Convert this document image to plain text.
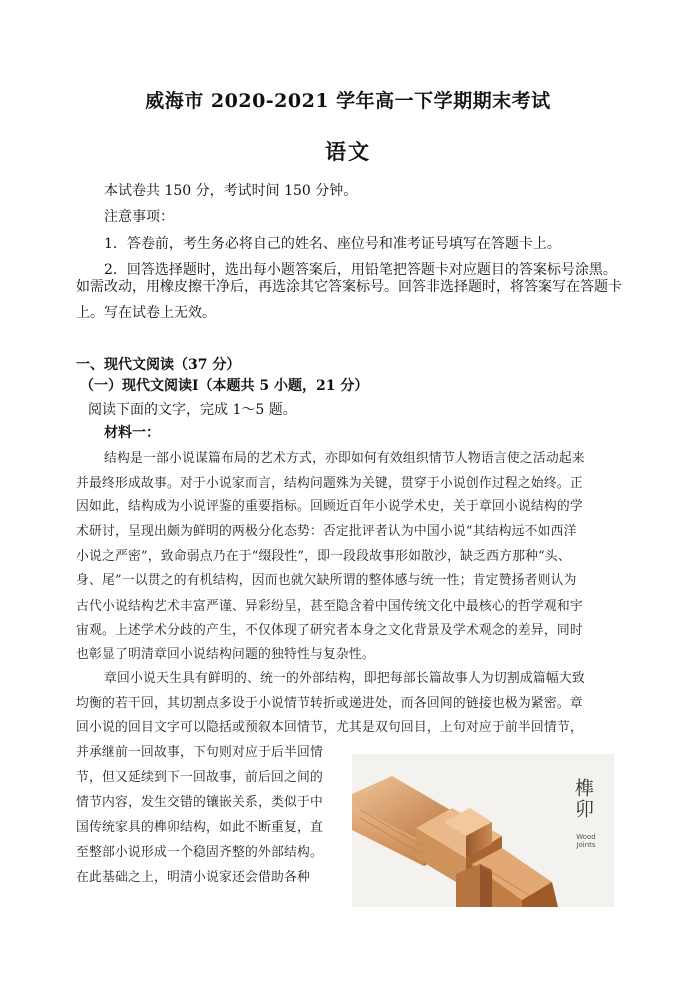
威海市 2020-2021 学年高一下学期期末考试
语文
本试卷共 150 分，考试时间 150 分钟。
注意事项：
1．答卷前，考生务必将自己的姓名、座位号和准考证号填写在答题卡上。
2．回答选择题时，选出每小题答案后，用铅笔把答题卡对应题目的答案标号涂黑。
如需改动，用橡皮擦干净后，再选涂其它答案标号。回答非选择题时，将答案写在答题卡
上。写在试卷上无效。
一、现代文阅读（37 分）
（一）现代文阅读Ⅰ（本题共 5 小题，21 分）
阅读下面的文字，完成 1～5 题。
材料一：
结构是一部小说谋篇布局的艺术方式，亦即如何有效组织情节人物语言使之活动起来
并最终形成故事。对于小说家而言，结构问题殊为关键，贯穿于小说创作过程之始终。正
因如此，结构成为小说评鉴的重要指标。回顾近百年小说学术史，关于章回小说结构的学
术研讨，呈现出颇为鲜明的两极分化态势：否定批评者认为中国小说“其结构远不如西洋
小说之严密”，致命弱点乃在于“缀段性”，即一段段故事形如散沙，缺乏西方那种“头、
身、尾”一以贯之的有机结构，因而也就欠缺所谓的整体感与统一性；肯定赞扬者则认为
古代小说结构艺术丰富严谨、异彩纷呈，甚至隐含着中国传统文化中最核心的哲学观和宇
宙观。上述学术分歧的产生，不仅体现了研究者本身之文化背景及学术观念的差异，同时
也彰显了明清章回小说结构问题的独特性与复杂性。
章回小说天生具有鲜明的、统一的外部结构，即把每部长篇故事人为切割成篇幅大致
均衡的若干回，其切割点多设于小说情节转折或递进处，而各回间的链接也极为紧密。章
回小说的回目文字可以隐括或预叙本回情节，尤其是双句回目，上句对应于前半回情节，
并承继前一回故事，下句则对应于后半回情
节，但又延续到下一回故事，前后回之间的
情节内容，发生交错的镶嵌关系，类似于中
国传统家具的榫卯结构，如此不断重复，直
至整部小说形成一个稳固齐整的外部结构。
在此基础之上，明清小说家还会借助各种
榫卯
Wood
Joints
